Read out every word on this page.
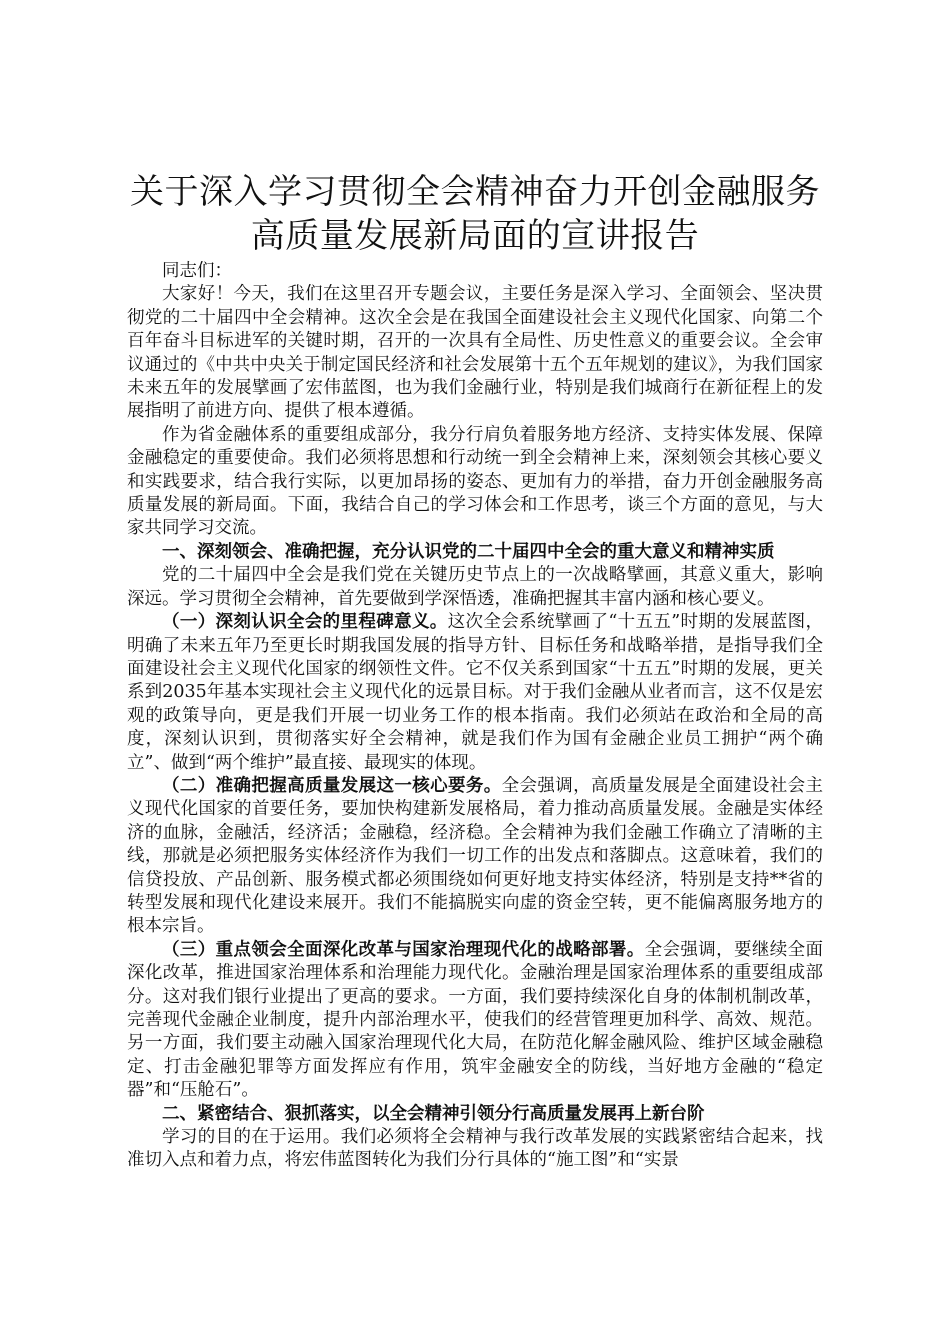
关于深入学习贯彻全会精神奋力开创金融服务
高质量发展新局面的宣讲报告

同志们：

大家好！今天，我们在这里召开专题会议，主要任务是深入学习、全面领会、坚决贯彻党的二十届四中全会精神。这次全会是在我国全面建设社会主义现代化国家、向第二个百年奋斗目标进军的关键时期，召开的一次具有全局性、历史性意义的重要会议。全会审议通过的《中共中央关于制定国民经济和社会发展第十五个五年规划的建议》，为我们国家未来五年的发展擘画了宏伟蓝图，也为我们金融行业，特别是我们城商行在新征程上的发展指明了前进方向、提供了根本遵循。

作为省金融体系的重要组成部分，我分行肩负着服务地方经济、支持实体发展、保障金融稳定的重要使命。我们必须将思想和行动统一到全会精神上来，深刻领会其核心要义和实践要求，结合我行实际，以更加昂扬的姿态、更加有力的举措，奋力开创金融服务高质量发展的新局面。下面，我结合自己的学习体会和工作思考，谈三个方面的意见，与大家共同学习交流。

一、深刻领会、准确把握，充分认识党的二十届四中全会的重大意义和精神实质

党的二十届四中全会是我们党在关键历史节点上的一次战略擘画，其意义重大，影响深远。学习贯彻全会精神，首先要做到学深悟透，准确把握其丰富内涵和核心要义。

（一）深刻认识全会的里程碑意义。这次全会系统擘画了“十五五”时期的发展蓝图，明确了未来五年乃至更长时期我国发展的指导方针、目标任务和战略举措，是指导我们全面建设社会主义现代化国家的纲领性文件。它不仅关系到国家“十五五”时期的发展，更关系到2035年基本实现社会主义现代化的远景目标。对于我们金融从业者而言，这不仅是宏观的政策导向，更是我们开展一切业务工作的根本指南。我们必须站在政治和全局的高度，深刻认识到，贯彻落实好全会精神，就是我们作为国有金融企业员工拥护“两个确立”、做到“两个维护”最直接、最现实的体现。

（二）准确把握高质量发展这一核心要务。全会强调，高质量发展是全面建设社会主义现代化国家的首要任务，要加快构建新发展格局，着力推动高质量发展。金融是实体经济的血脉，金融活，经济活；金融稳，经济稳。全会精神为我们金融工作确立了清晰的主线，那就是必须把服务实体经济作为我们一切工作的出发点和落脚点。这意味着，我们的信贷投放、产品创新、服务模式都必须围绕如何更好地支持实体经济，特别是支持**省的转型发展和现代化建设来展开。我们不能搞脱实向虚的资金空转，更不能偏离服务地方的根本宗旨。

（三）重点领会全面深化改革与国家治理现代化的战略部署。全会强调，要继续全面深化改革，推进国家治理体系和治理能力现代化。金融治理是国家治理体系的重要组成部分。这对我们银行业提出了更高的要求。一方面，我们要持续深化自身的体制机制改革，完善现代金融企业制度，提升内部治理水平，使我们的经营管理更加科学、高效、规范。另一方面，我们要主动融入国家治理现代化大局，在防范化解金融风险、维护区域金融稳定、打击金融犯罪等方面发挥应有作用，筑牢金融安全的防线，当好地方金融的“稳定器”和“压舱石”。

二、紧密结合、狠抓落实，以全会精神引领分行高质量发展再上新台阶

学习的目的在于运用。我们必须将全会精神与我行改革发展的实践紧密结合起来，找准切入点和着力点，将宏伟蓝图转化为我们分行具体的“施工图”和“实景
